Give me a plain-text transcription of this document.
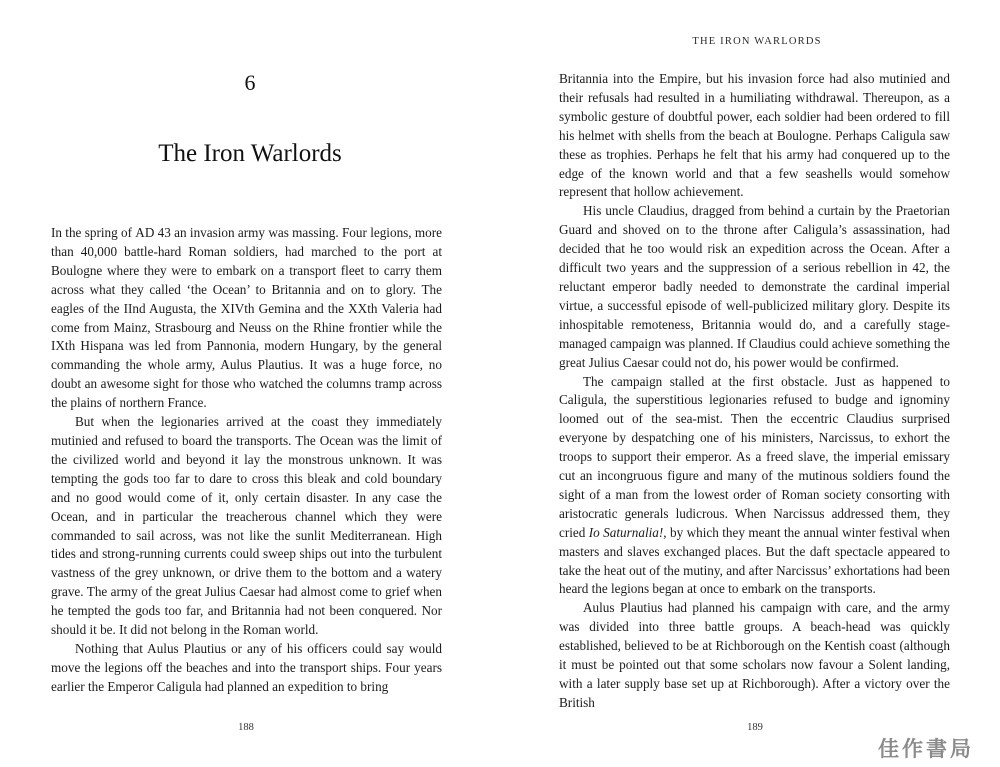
6
The Iron Warlords

In the spring of AD 43 an invasion army was massing. Four legions, more than 40,000 battle-hard Roman soldiers, had marched to the port at Boulogne where they were to embark on a transport fleet to carry them across what they called ‘the Ocean’ to Britannia and on to glory. The eagles of the IInd Augusta, the XIVth Gemina and the XXth Valeria had come from Mainz, Strasbourg and Neuss on the Rhine frontier while the IXth Hispana was led from Pannonia, modern Hungary, by the general commanding the whole army, Aulus Plautius. It was a huge force, no doubt an awesome sight for those who watched the columns tramp across the plains of northern France.

But when the legionaries arrived at the coast they immediately mutinied and refused to board the transports. The Ocean was the limit of the civilized world and beyond it lay the monstrous unknown. It was tempting the gods too far to dare to cross this bleak and cold boundary and no good would come of it, only certain disaster. In any case the Ocean, and in particular the treacherous channel which they were commanded to sail across, was not like the sunlit Mediterranean. High tides and strong-running currents could sweep ships out into the turbulent vastness of the grey unknown, or drive them to the bottom and a watery grave. The army of the great Julius Caesar had almost come to grief when he tempted the gods too far, and Britannia had not been conquered. Nor should it be. It did not belong in the Roman world.

Nothing that Aulus Plautius or any of his officers could say would move the legions off the beaches and into the transport ships. Four years earlier the Emperor Caligula had planned an expedition to bring

188
THE IRON WARLORDS
189

Britannia into the Empire, but his invasion force had also mutinied and their refusals had resulted in a humiliating withdrawal. Thereupon, as a symbolic gesture of doubtful power, each soldier had been ordered to fill his helmet with shells from the beach at Boulogne. Perhaps Caligula saw these as trophies. Perhaps he felt that his army had conquered up to the edge of the known world and that a few seashells would somehow represent that hollow achievement.

His uncle Claudius, dragged from behind a curtain by the Praetorian Guard and shoved on to the throne after Caligula’s assassination, had decided that he too would risk an expedition across the Ocean. After a difficult two years and the suppression of a serious rebellion in 42, the reluctant emperor badly needed to demonstrate the cardinal imperial virtue, a successful episode of well-publicized military glory. Despite its inhospitable remoteness, Britannia would do, and a carefully stage-managed campaign was planned. If Claudius could achieve something the great Julius Caesar could not do, his power would be confirmed.

The campaign stalled at the first obstacle. Just as happened to Caligula, the superstitious legionaries refused to budge and ignominy loomed out of the sea-mist. Then the eccentric Claudius surprised everyone by despatching one of his ministers, Narcissus, to exhort the troops to support their emperor. As a freed slave, the imperial emissary cut an incongruous figure and many of the mutinous soldiers found the sight of a man from the lowest order of Roman society consorting with aristocratic generals ludicrous. When Narcissus addressed them, they cried Io Saturnalia!, by which they meant the annual winter festival when masters and slaves exchanged places. But the daft spectacle appeared to take the heat out of the mutiny, and after Narcissus’ exhortations had been heard the legions began at once to embark on the transports.

Aulus Plautius had planned his campaign with care, and the army was divided into three battle groups. A beach-head was quickly established, believed to be at Richborough on the Kentish coast (although it must be pointed out that some scholars now favour a Solent landing, with a later supply base set up at Richborough). After a victory over the British

佳作書局
